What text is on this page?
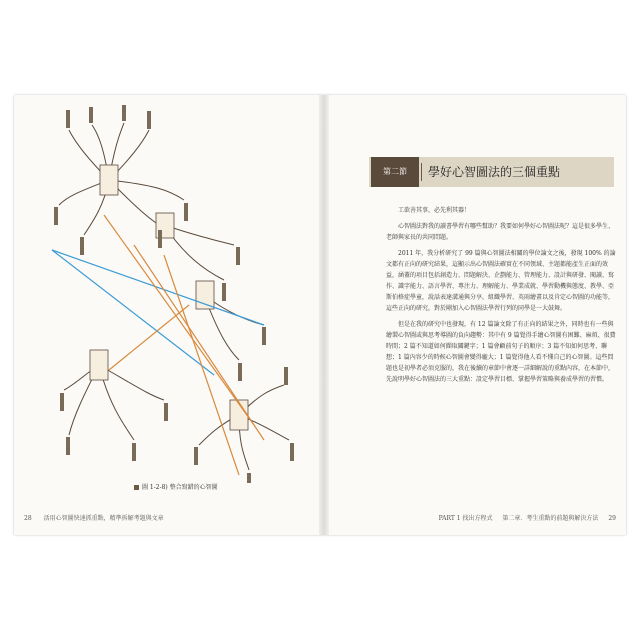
圖 1-2-8) 整合寫錯的心智圖
28 活用心智圖快速抓重點，精準拆解考題與文章	PART 1 找出方程式 第二章．考生重點的前題與解決方法 29
第二節	學好心智圖法的三個重點

工欲善其事，必先利其器！

心智圖法對我的讀書學習有哪些幫助？我要如何學好心智圖法呢？這是很多學生、老師與家長的共同問題。

2011 年，我分析研究了 99 篇與心智圖法相關的學位論文之後，發現 100% 的論文都有正向的研究結果，這顯示出心智圖法確實在不同領域、主題都能產生正面的效益，涵蓋的項目包括創造力、問題解決、企劃能力、管理能力、設計與研發、閱讀、寫作、識字能力、語言學習、專注力、理解能力、學業成就、學習動機與態度、教學、亞斯伯格症學童，說話表達溝通與分享，組織學習、英雨繪畫以及肯定心智圖的功能等，這些正向的研究，對於剛加入心智圖法學習行列的同學是一大鼓舞。

但是在我的研究中也發現，有 12 篇論文除了有正向的結果之外，同時也有一些與繪製心智圖或與思考導圖的負向趨勢：其中有 9 篇覺得手繪心智圖有困難、麻煩、很費時間；2 篇不知道如何擷取關鍵字；1 篇會顧前句子的順序；3 篇不知如何思考、聯想；1 篇內容少的時候心智圖會變得龐大；1 篇覺得他人看不懂自己的心智圖。這些問題也是初學者必須克服的，我在後續的章節中會逐一詳細解說的重點內容，在本節中，先說明學好心智圖法的三大重點：設定學習目標、掌握學習策略與養成學習的習慣。
